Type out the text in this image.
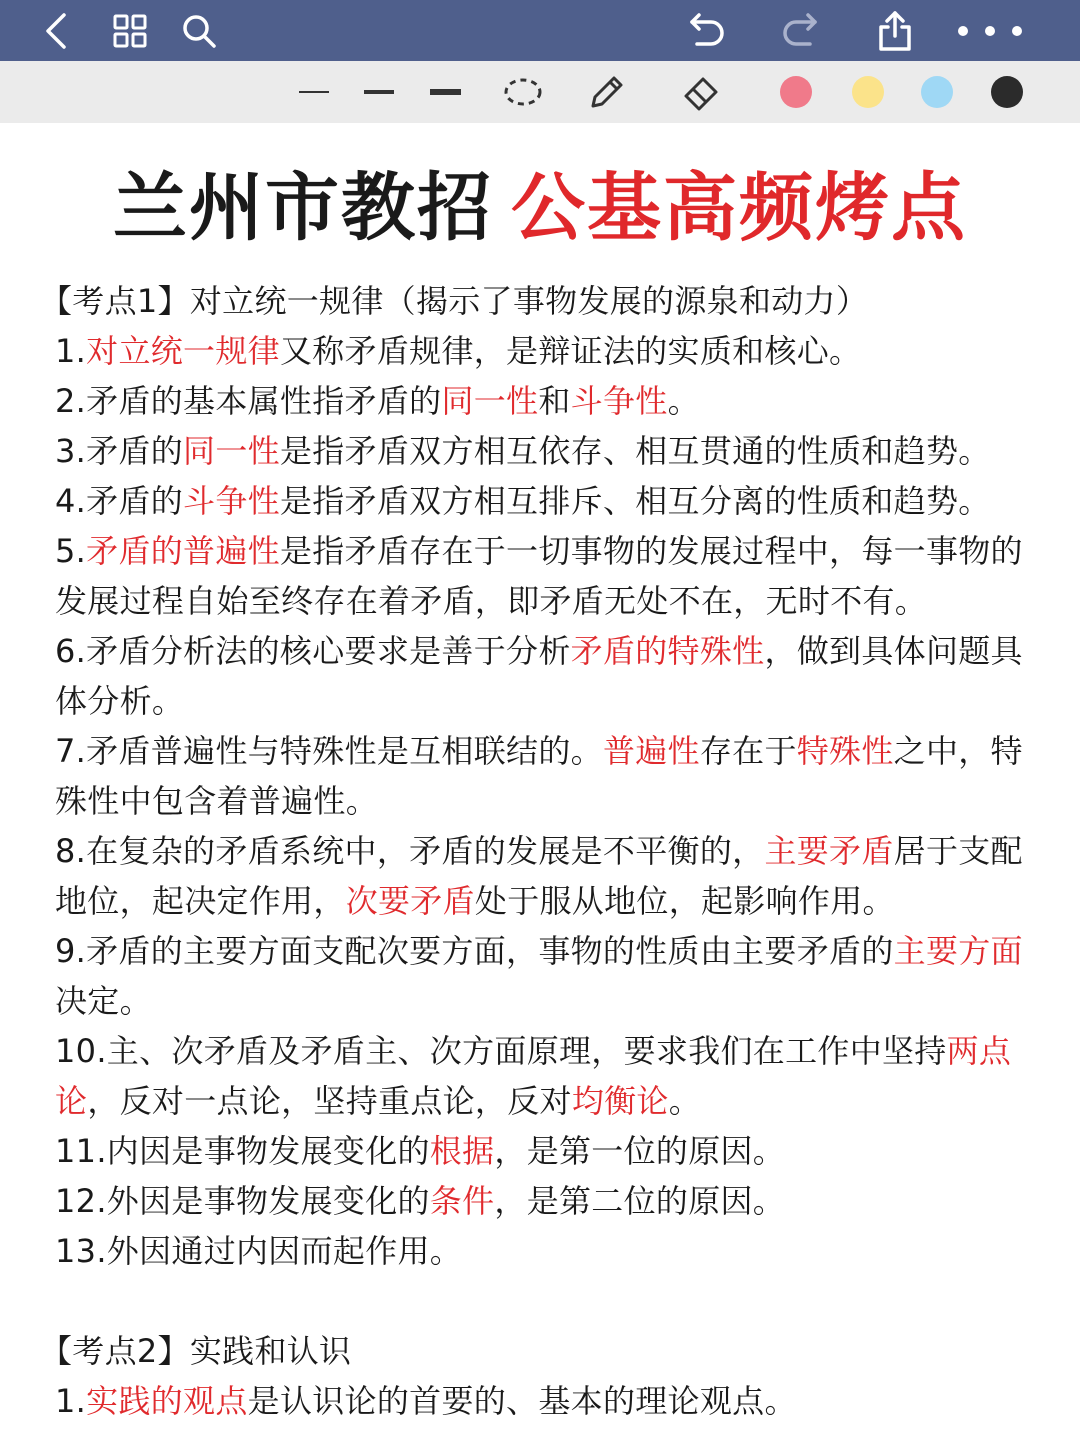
兰州市教招 公基高频烤点
【考点1】对立统一规律（揭示了事物发展的源泉和动力）
1.对立统一规律又称矛盾规律，是辩证法的实质和核心。
2.矛盾的基本属性指矛盾的同一性和斗争性。
3.矛盾的同一性是指矛盾双方相互依存、相互贯通的性质和趋势。
4.矛盾的斗争性是指矛盾双方相互排斥、相互分离的性质和趋势。
5.矛盾的普遍性是指矛盾存在于一切事物的发展过程中，每一事物的发展过程自始至终存在着矛盾，即矛盾无处不在，无时不有。
6.矛盾分析法的核心要求是善于分析矛盾的特殊性，做到具体问题具体分析。
7.矛盾普遍性与特殊性是互相联结的。普遍性存在于特殊性之中，特殊性中包含着普遍性。
8.在复杂的矛盾系统中，矛盾的发展是不平衡的，主要矛盾居于支配地位，起决定作用，次要矛盾处于服从地位，起影响作用。
9.矛盾的主要方面支配次要方面，事物的性质由主要矛盾的主要方面决定。
10.主、次矛盾及矛盾主、次方面原理，要求我们在工作中坚持两点论，反对一点论，坚持重点论，反对均衡论。
11.内因是事物发展变化的根据，是第一位的原因。
12.外因是事物发展变化的条件，是第二位的原因。
13.外因通过内因而起作用。
【考点2】实践和认识
1.实践的观点是认识论的首要的、基本的理论观点。
